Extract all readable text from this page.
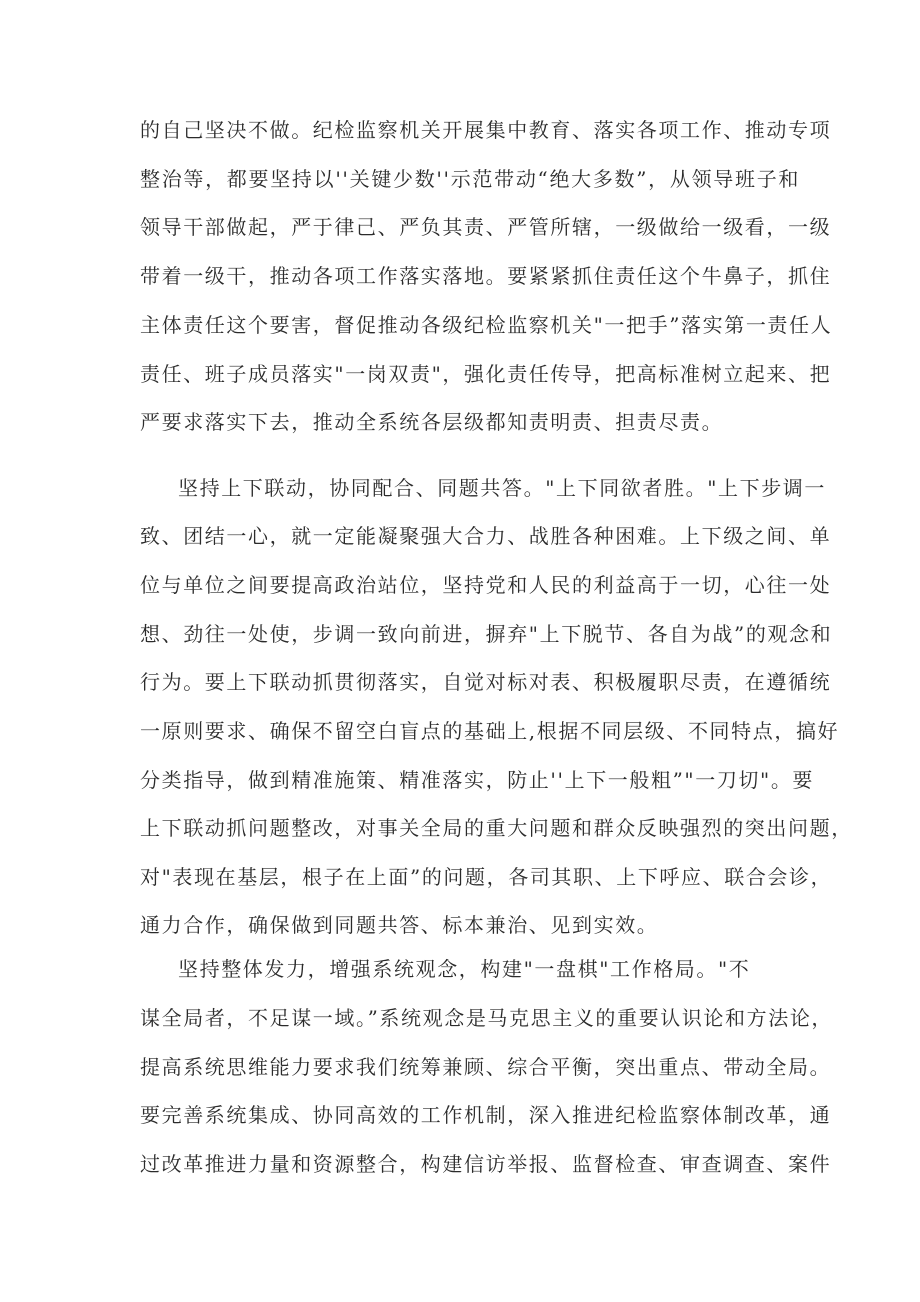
的自己坚决不做。纪检监察机关开展集中教育、落实各项工作、推动专项
整治等，都要坚持以''关键少数''示范带动“绝大多数”，从领导班子和
领导干部做起，严于律己、严负其责、严管所辖，一级做给一级看，一级
带着一级干，推动各项工作落实落地。要紧紧抓住责任这个牛鼻子，抓住
主体责任这个要害，督促推动各级纪检监察机关"一把手”落实第一责任人
责任、班子成员落实"一岗双责"，强化责任传导，把高标准树立起来、把
严要求落实下去，推动全系统各层级都知责明责、担责尽责。
坚持上下联动，协同配合、同题共答。"上下同欲者胜。"上下步调一
致、团结一心，就一定能凝聚强大合力、战胜各种困难。上下级之间、单
位与单位之间要提高政治站位，坚持党和人民的利益高于一切，心往一处
想、劲往一处使，步调一致向前进，摒弃"上下脱节、各自为战”的观念和
行为。要上下联动抓贯彻落实，自觉对标对表、积极履职尽责，在遵循统
一原则要求、确保不留空白盲点的基础上,根据不同层级、不同特点，搞好
分类指导，做到精准施策、精准落实，防止''上下一般粗”"一刀切"。要
上下联动抓问题整改，对事关全局的重大问题和群众反映强烈的突出问题，
对"表现在基层，根子在上面”的问题，各司其职、上下呼应、联合会诊，
通力合作，确保做到同题共答、标本兼治、见到实效。
坚持整体发力，增强系统观念，构建"一盘棋"工作格局。"不
谋全局者，不足谋一域。”系统观念是马克思主义的重要认识论和方法论，
提高系统思维能力要求我们统筹兼顾、综合平衡，突出重点、带动全局。
要完善系统集成、协同高效的工作机制，深入推进纪检监察体制改革，通
过改革推进力量和资源整合，构建信访举报、监督检查、审查调查、案件
